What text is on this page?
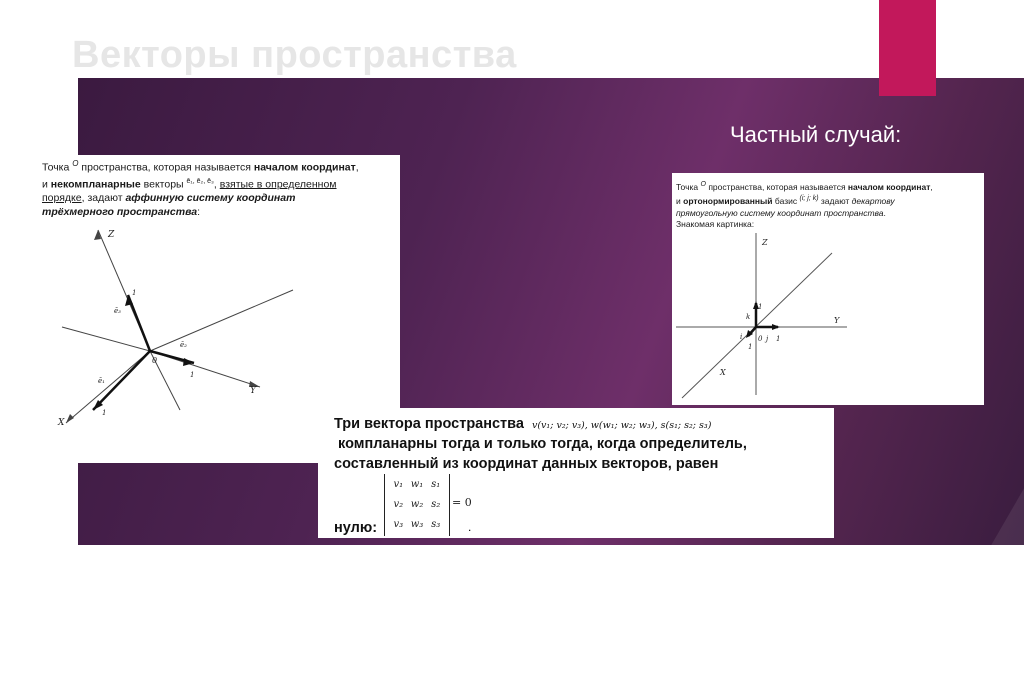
Векторы пространства
Частный случай:
Точка $^O$ пространства, которая называется началом координат,
и некомпланарные векторы $^{ē_1, ē_2, ē_3}$, взятые в определенном
порядке, задают аффинную систему координат
трёхмерного пространства:
Z
Y
X
0
ē₃
ē₂
ē₁
1
1
1
Точка $^O$ пространства, которая называется началом координат,
и ортонормированный базис $^{(i; j; k)}$ задают декартову
прямоугольную систему координат пространства.
Знакомая картинка:
Z
Y
X
0 j 1
k
1
i
1
Три вектора пространства v(v₁; v₂; v₃), w(w₁; w₂; w₃), s(s₁; s₂; s₃)
компланарны тогда и только тогда, когда определитель,
составленный из координат данных векторов, равен
нулю:	.
v₁ w₁ s₁
v₂ w₂ s₂
v₃ w₃ s₃
= 0
